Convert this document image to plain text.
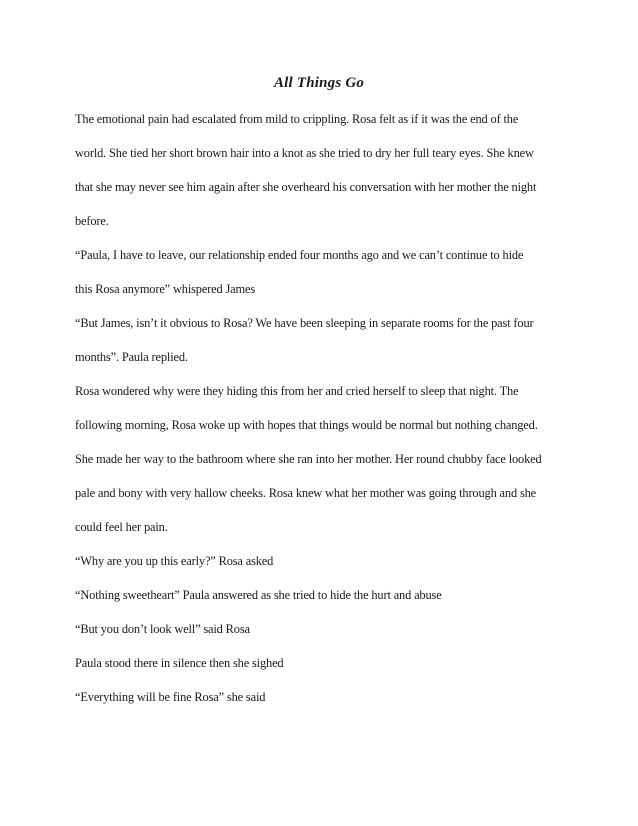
All Things Go

The emotional pain had escalated from mild to crippling. Rosa felt as if it was the end of the

world. She tied her short brown hair into a knot as she tried to dry her full teary eyes. She knew

that she may never see him again after she overheard his conversation with her mother the night

before.

“Paula, I have to leave, our relationship ended four months ago and we can’t continue to hide

this Rosa anymore” whispered James

“But James, isn’t it obvious to Rosa? We have been sleeping in separate rooms for the past four

months”. Paula replied.

Rosa wondered why were they hiding this from her and cried herself to sleep that night. The

following morning, Rosa woke up with hopes that things would be normal but nothing changed.

She made her way to the bathroom where she ran into her mother. Her round chubby face looked

pale and bony with very hallow cheeks. Rosa knew what her mother was going through and she

could feel her pain.

“Why are you up this early?” Rosa asked

“Nothing sweetheart” Paula answered as she tried to hide the hurt and abuse

“But you don’t look well” said Rosa

Paula stood there in silence then she sighed

“Everything will be fine Rosa” she said
